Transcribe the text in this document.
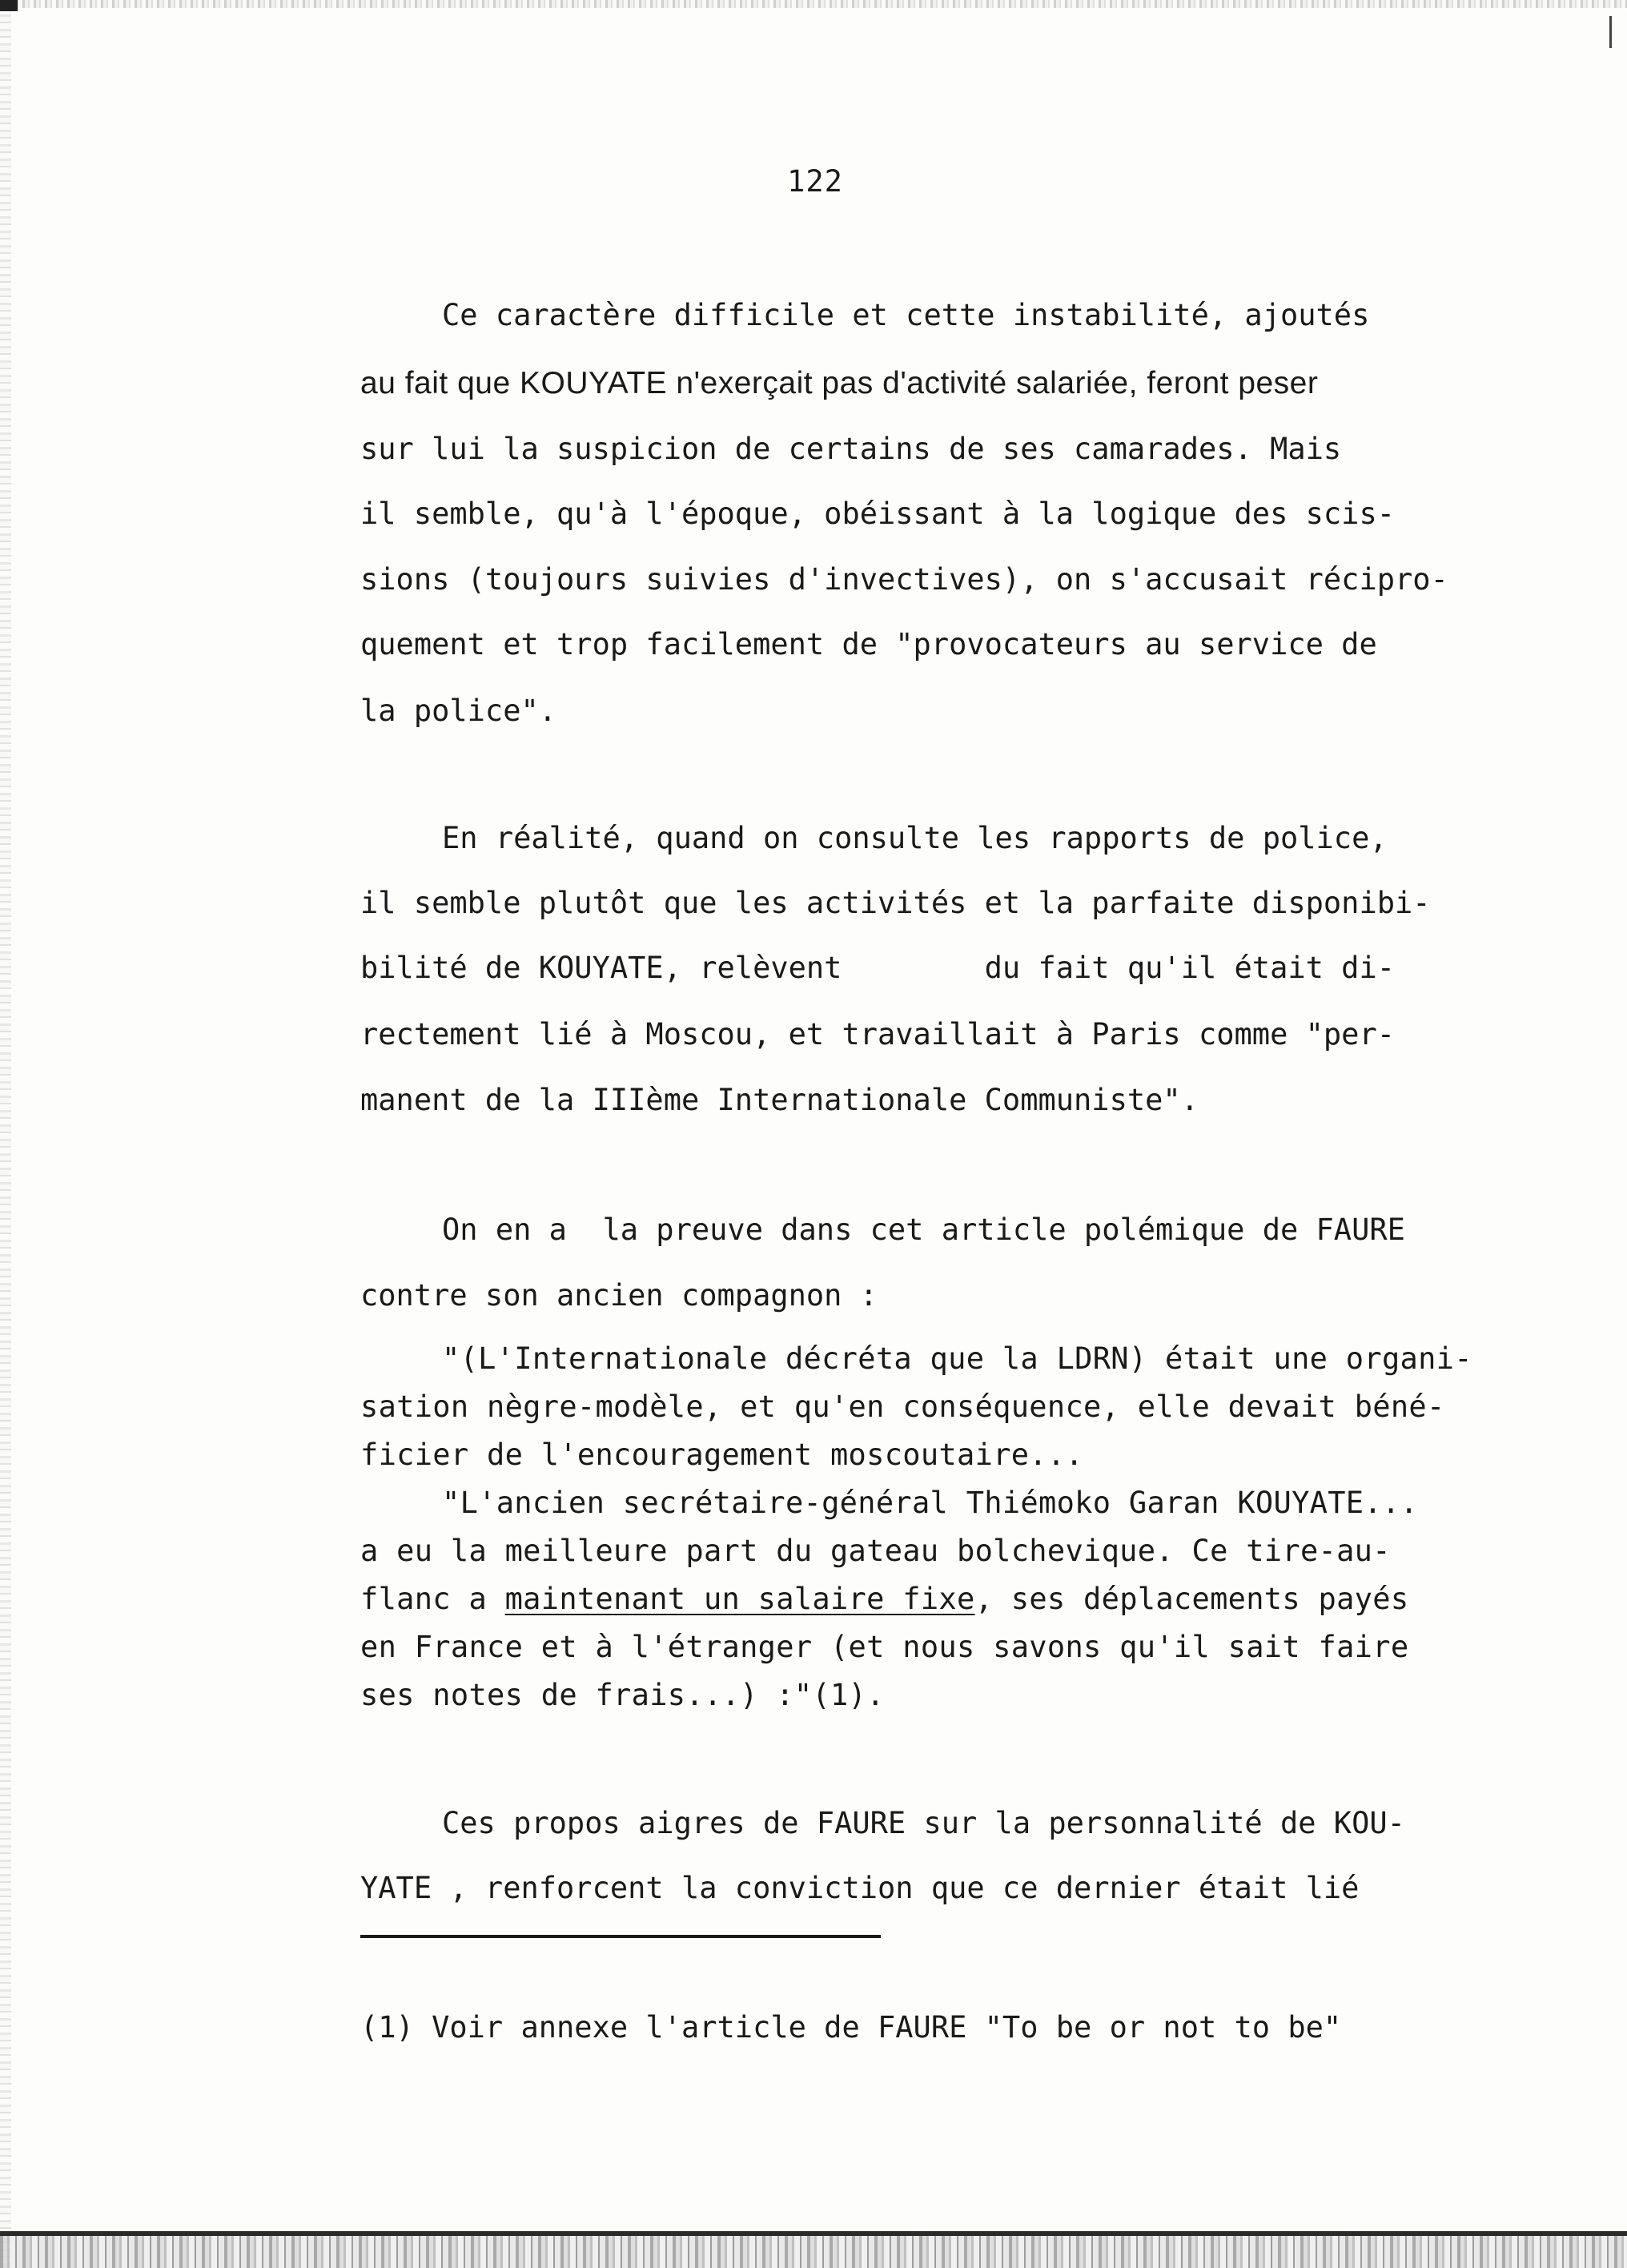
122
Ce caractère difficile et cette instabilité, ajoutés
au fait que KOUYATE n'exerçait pas d'activité salariée, feront peser
sur lui la suspicion de certains de ses camarades. Mais
il semble, qu'à l'époque, obéissant à la logique des scis-
sions (toujours suivies d'invectives), on s'accusait récipro-
quement et trop facilement de "provocateurs au service de
la police".
En réalité, quand on consulte les rapports de police,
il semble plutôt que les activités et la parfaite disponibi-
bilité de KOUYATE, relèvent        du fait qu'il était di-
rectement lié à Moscou, et travaillait à Paris comme "per-
manent de la IIIème Internationale Communiste".
On en a  la preuve dans cet article polémique de FAURE
contre son ancien compagnon :
"(L'Internationale décréta que la LDRN) était une organi-
sation nègre-modèle, et qu'en conséquence, elle devait béné-
ficier de l'encouragement moscoutaire...
"L'ancien secrétaire-général Thiémoko Garan KOUYATE...
a eu la meilleure part du gateau bolchevique. Ce tire-au-
flanc a maintenant un salaire fixe, ses déplacements payés
en France et à l'étranger (et nous savons qu'il sait faire
ses notes de frais...) :"(1).
Ces propos aigres de FAURE sur la personnalité de KOU-
YATE , renforcent la conviction que ce dernier était lié
(1) Voir annexe l'article de FAURE "To be or not to be"
